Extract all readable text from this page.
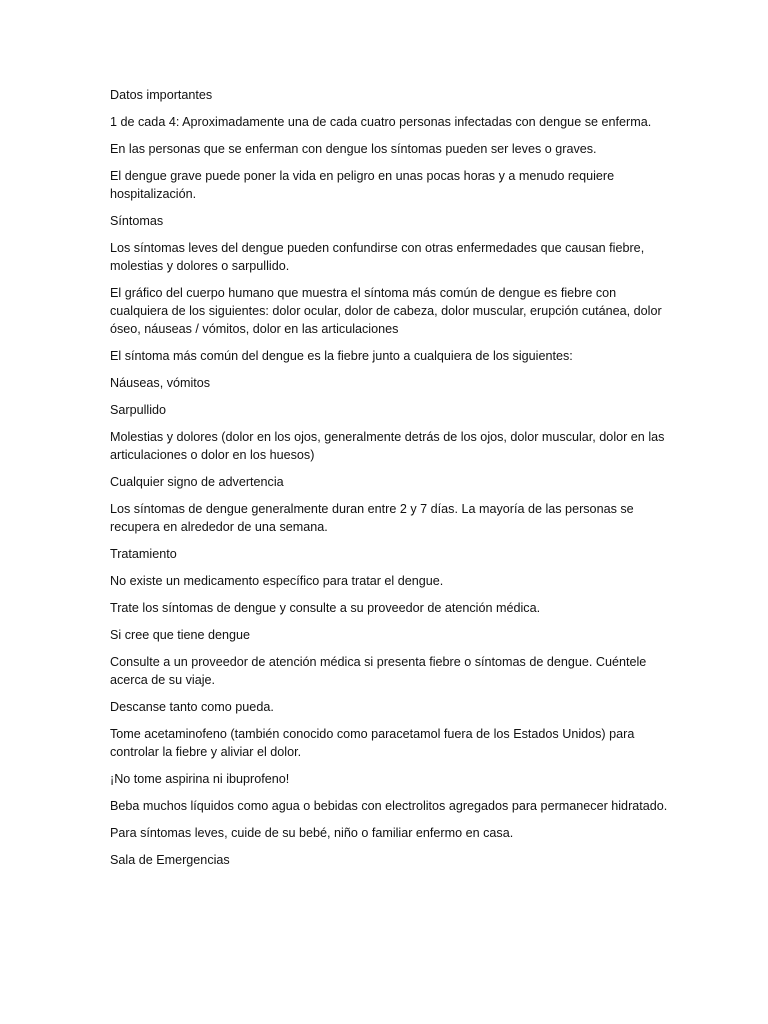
Datos importantes

1 de cada 4: Aproximadamente una de cada cuatro personas infectadas con dengue se enferma.

En las personas que se enferman con dengue los síntomas pueden ser leves o graves.

El dengue grave puede poner la vida en peligro en unas pocas horas y a menudo requiere hospitalización.

Síntomas

Los síntomas leves del dengue pueden confundirse con otras enfermedades que causan fiebre, molestias y dolores o sarpullido.

El gráfico del cuerpo humano que muestra el síntoma más común de dengue es fiebre con cualquiera de los siguientes: dolor ocular, dolor de cabeza, dolor muscular, erupción cutánea, dolor óseo, náuseas / vómitos, dolor en las articulaciones

El síntoma más común del dengue es la fiebre junto a cualquiera de los siguientes:

Náuseas, vómitos

Sarpullido

Molestias y dolores (dolor en los ojos, generalmente detrás de los ojos, dolor muscular, dolor en las articulaciones o dolor en los huesos)

Cualquier signo de advertencia

Los síntomas de dengue generalmente duran entre 2 y 7 días. La mayoría de las personas se recupera en alrededor de una semana.

Tratamiento

No existe un medicamento específico para tratar el dengue.

Trate los síntomas de dengue y consulte a su proveedor de atención médica.

Si cree que tiene dengue

Consulte a un proveedor de atención médica si presenta fiebre o síntomas de dengue. Cuéntele acerca de su viaje.

Descanse tanto como pueda.

Tome acetaminofeno (también conocido como paracetamol fuera de los Estados Unidos) para controlar la fiebre y aliviar el dolor.

¡No tome aspirina ni ibuprofeno!

Beba muchos líquidos como agua o bebidas con electrolitos agregados para permanecer hidratado.

Para síntomas leves, cuide de su bebé, niño o familiar enfermo en casa.

Sala de Emergencias
